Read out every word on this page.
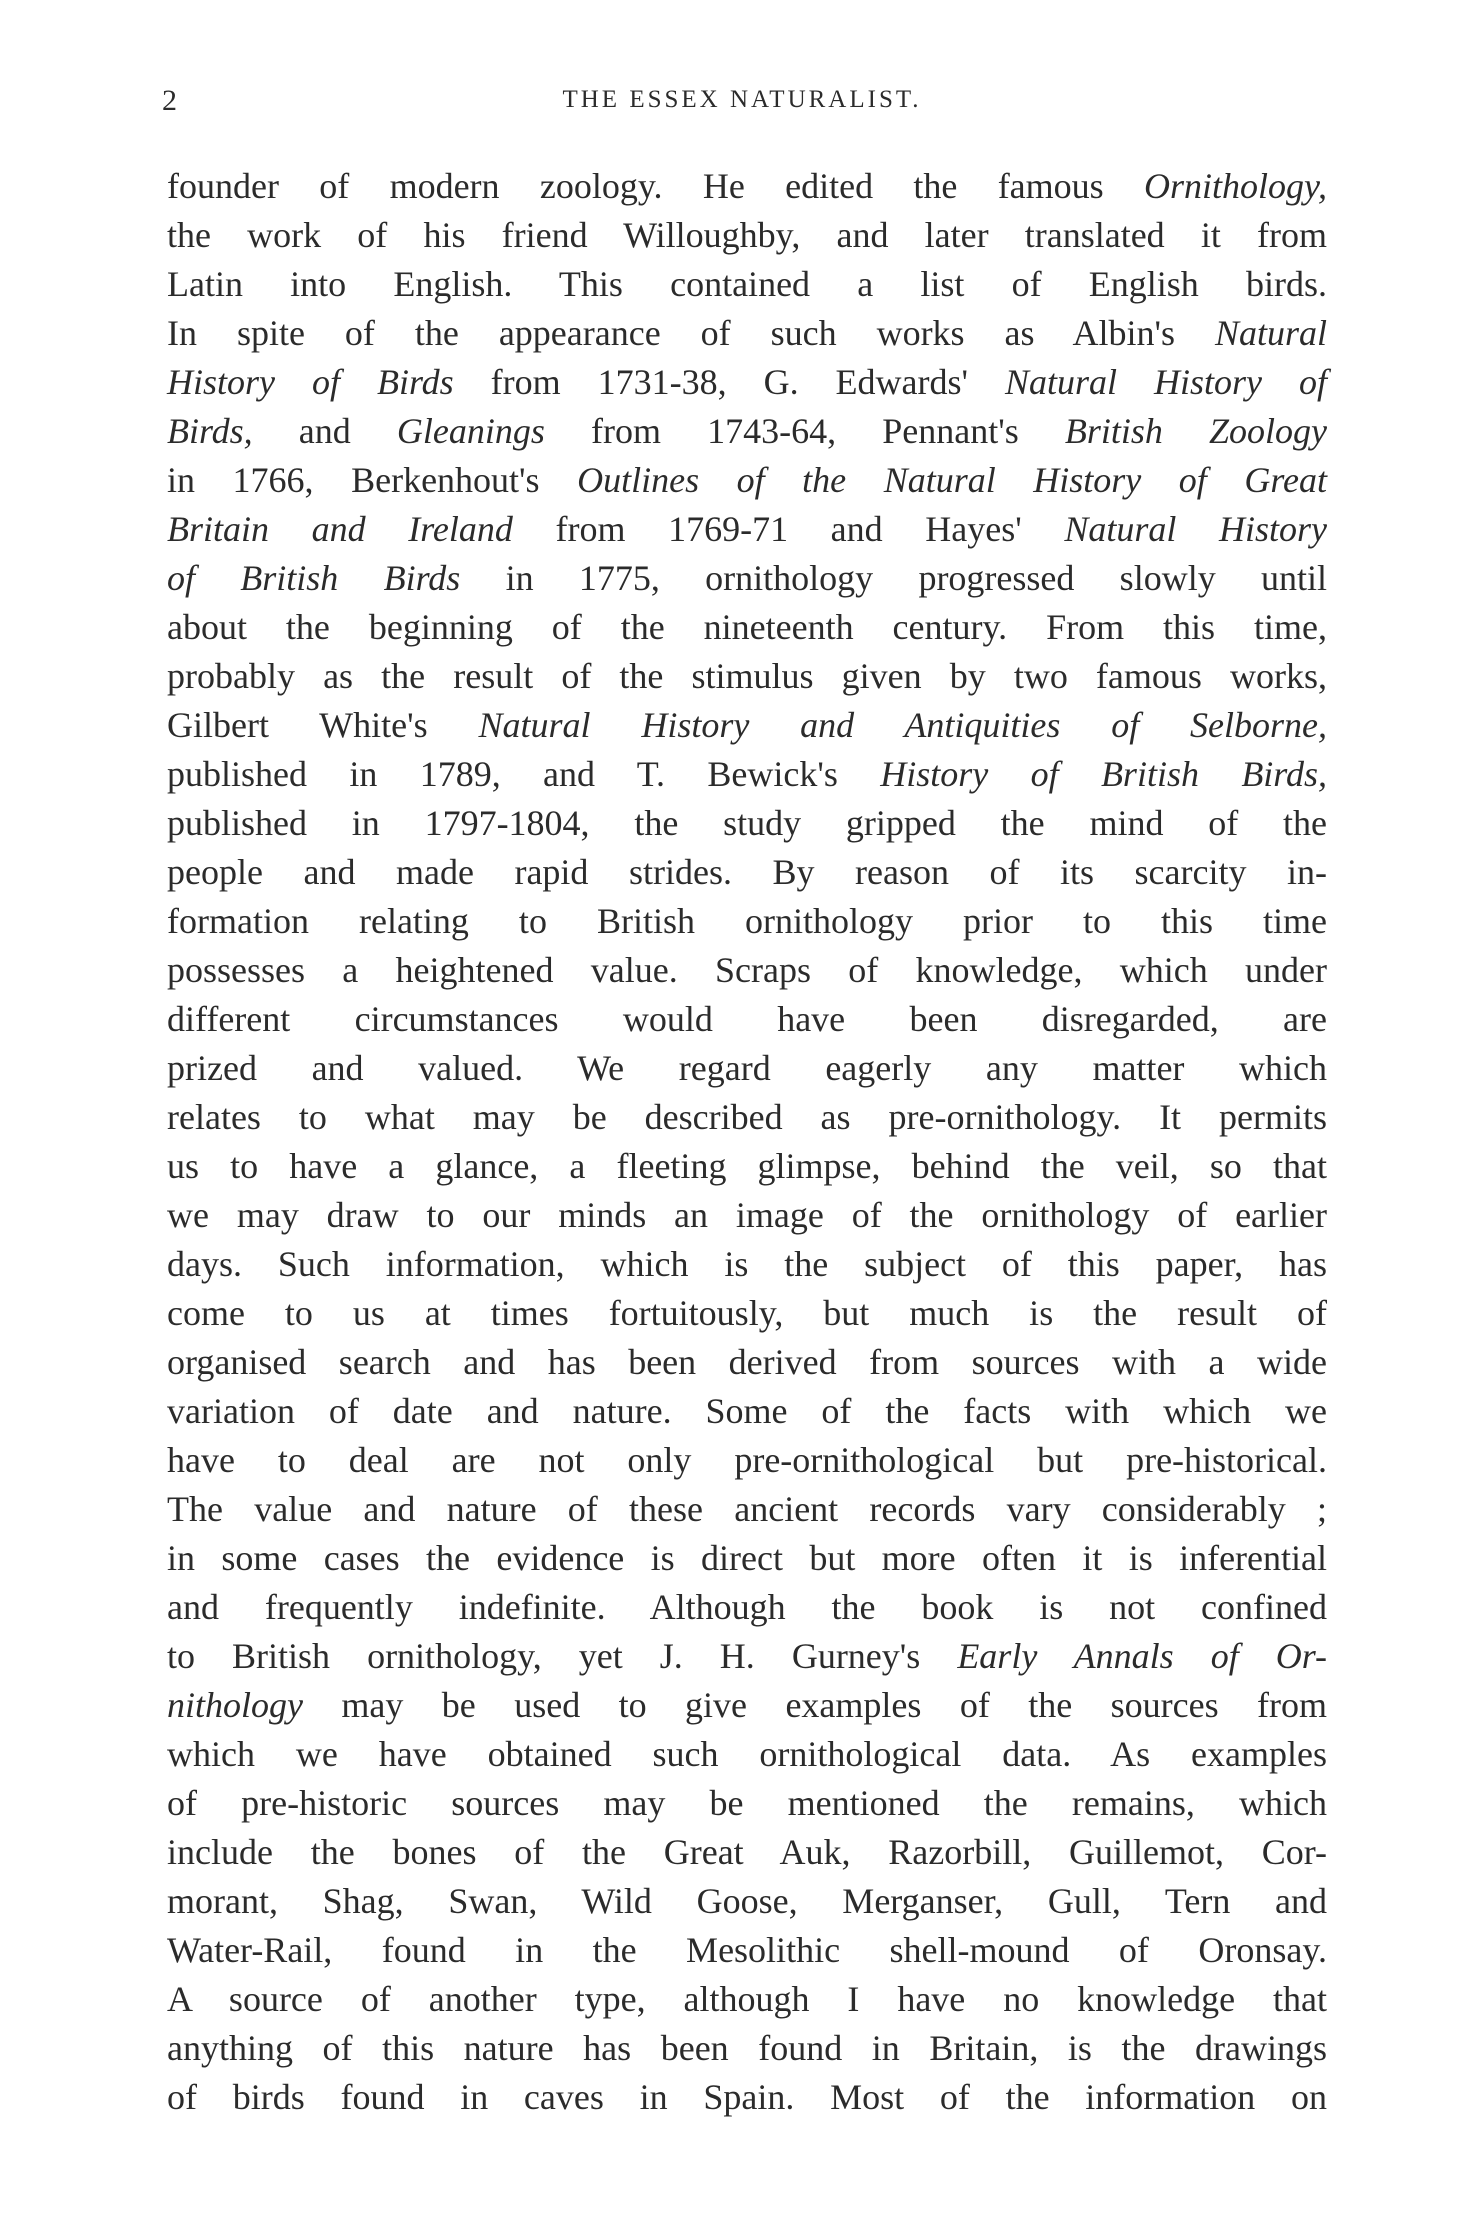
2	THE ESSEX NATURALIST.
founder of modern zoology. He edited the famous Ornithology,
the work of his friend Willoughby, and later translated it from
Latin into English. This contained a list of English birds.
In spite of the appearance of such works as Albin's Natural
History of Birds from 1731-38, G. Edwards' Natural History of
Birds, and Gleanings from 1743-64, Pennant's British Zoology
in 1766, Berkenhout's Outlines of the Natural History of Great
Britain and Ireland from 1769-71 and Hayes' Natural History
of British Birds in 1775, ornithology progressed slowly until
about the beginning of the nineteenth century. From this time,
probably as the result of the stimulus given by two famous works,
Gilbert White's Natural History and Antiquities of Selborne,
published in 1789, and T. Bewick's History of British Birds,
published in 1797-1804, the study gripped the mind of the
people and made rapid strides. By reason of its scarcity in-
formation relating to British ornithology prior to this time
possesses a heightened value. Scraps of knowledge, which under
different circumstances would have been disregarded, are
prized and valued. We regard eagerly any matter which
relates to what may be described as pre-ornithology. It permits
us to have a glance, a fleeting glimpse, behind the veil, so that
we may draw to our minds an image of the ornithology of earlier
days. Such information, which is the subject of this paper, has
come to us at times fortuitously, but much is the result of
organised search and has been derived from sources with a wide
variation of date and nature. Some of the facts with which we
have to deal are not only pre-ornithological but pre-historical.
The value and nature of these ancient records vary considerably ;
in some cases the evidence is direct but more often it is inferential
and frequently indefinite. Although the book is not confined
to British ornithology, yet J. H. Gurney's Early Annals of Or-
nithology may be used to give examples of the sources from
which we have obtained such ornithological data. As examples
of pre-historic sources may be mentioned the remains, which
include the bones of the Great Auk, Razorbill, Guillemot, Cor-
morant, Shag, Swan, Wild Goose, Merganser, Gull, Tern and
Water-Rail, found in the Mesolithic shell-mound of Oronsay.
A source of another type, although I have no knowledge that
anything of this nature has been found in Britain, is the drawings
of birds found in caves in Spain. Most of the information on
